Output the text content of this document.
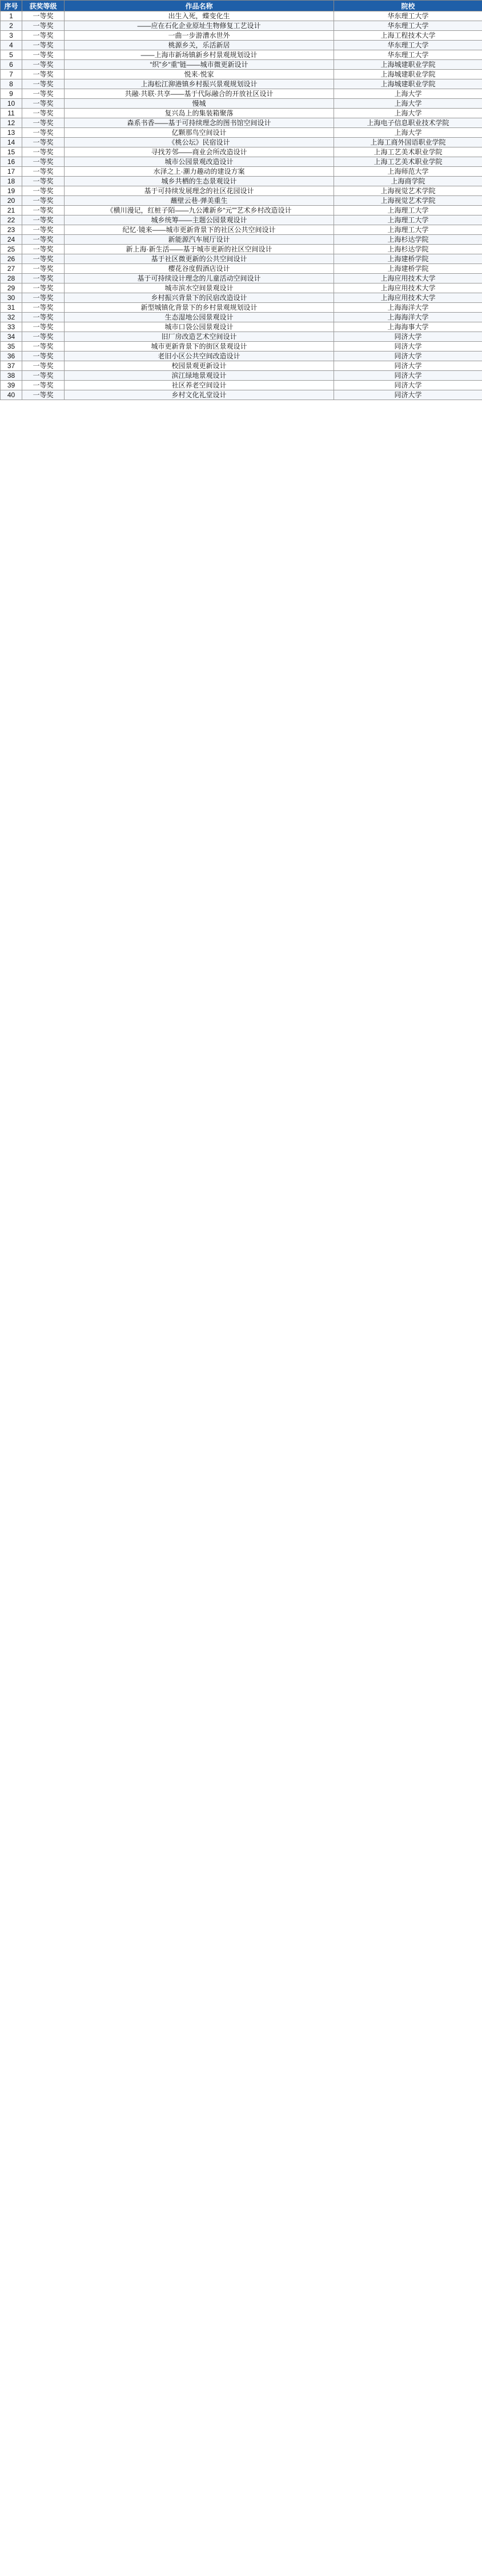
序号	获奖等级	作品名称	院校
1	一等奖	出生入死，蝶变化生	华东理工大学
2	一等奖	——应在石化企业原址生物修复工艺设计	华东理工大学
3	一等奖	一曲一步游漕水世外	上海工程技术大学
4	一等奖	桃源乡关，乐活新居	华东理工大学
5	一等奖	——上海市新场镇新乡村景观规划设计	华东理工大学
6	一等奖	“织”乡“重”链——城市微更新设计	上海城建职业学院
7	一等奖	悦来·悦家	上海城建职业学院
8	一等奖	上海松江泖港镇乡村振兴景观规划设计	上海城建职业学院
9	一等奖	共融·共联·共享——基于代际融合的开放社区设计	上海大学
10	一等奖	慢城	上海大学
11	一等奖	复兴岛上的集装箱聚落	上海大学
12	一等奖	森系书香——基于可持续理念的图书馆空间设计	上海电子信息职业技术学院
13	一等奖	亿颗那鸟空间设计	上海大学
14	一等奖	《桃公坛》民宿设计	上海工商外国语职业学院
15	一等奖	寻找芳邻——商业会所改造设计	上海工艺美术职业学院
16	一等奖	城市公园景观改造设计	上海工艺美术职业学院
17	一等奖	水泽之上·潮力趣动的建设方案	上海师范大学
18	一等奖	城乡共栖的生态景观设计	上海商学院
19	一等奖	基于可持续发展理念的社区花园设计	上海视觉艺术学院
20	一等奖	蘸壁云巷·弹美重生	上海视觉艺术学院
21	一等奖	《横川漫记，红桩子陌——九公滩新乡“元””艺术乡村改造设计	上海理工大学
22	一等奖	城乡统筹——主题公园景观设计	上海理工大学
23	一等奖	纪忆·镜来——城市更新背景下的社区公共空间设计	上海理工大学
24	一等奖	新能源汽车展厅设计	上海杉达学院
25	一等奖	新上海·新生活——基于城市更新的社区空间设计	上海杉达学院
26	一等奖	基于社区微更新的公共空间设计	上海建桥学院
27	一等奖	樱花谷度假酒店设计	上海建桥学院
28	一等奖	基于可持续设计理念的儿童活动空间设计	上海应用技术大学
29	一等奖	城市滨水空间景观设计	上海应用技术大学
30	一等奖	乡村振兴背景下的民宿改造设计	上海应用技术大学
31	一等奖	新型城镇化背景下的乡村景观规划设计	上海海洋大学
32	一等奖	生态湿地公园景观设计	上海海洋大学
33	一等奖	城市口袋公园景观设计	上海海事大学
34	一等奖	旧厂房改造艺术空间设计	同济大学
35	一等奖	城市更新背景下的街区景观设计	同济大学
36	一等奖	老旧小区公共空间改造设计	同济大学
37	一等奖	校园景观更新设计	同济大学
38	一等奖	滨江绿地景观设计	同济大学
39	一等奖	社区养老空间设计	同济大学
40	一等奖	乡村文化礼堂设计	同济大学
